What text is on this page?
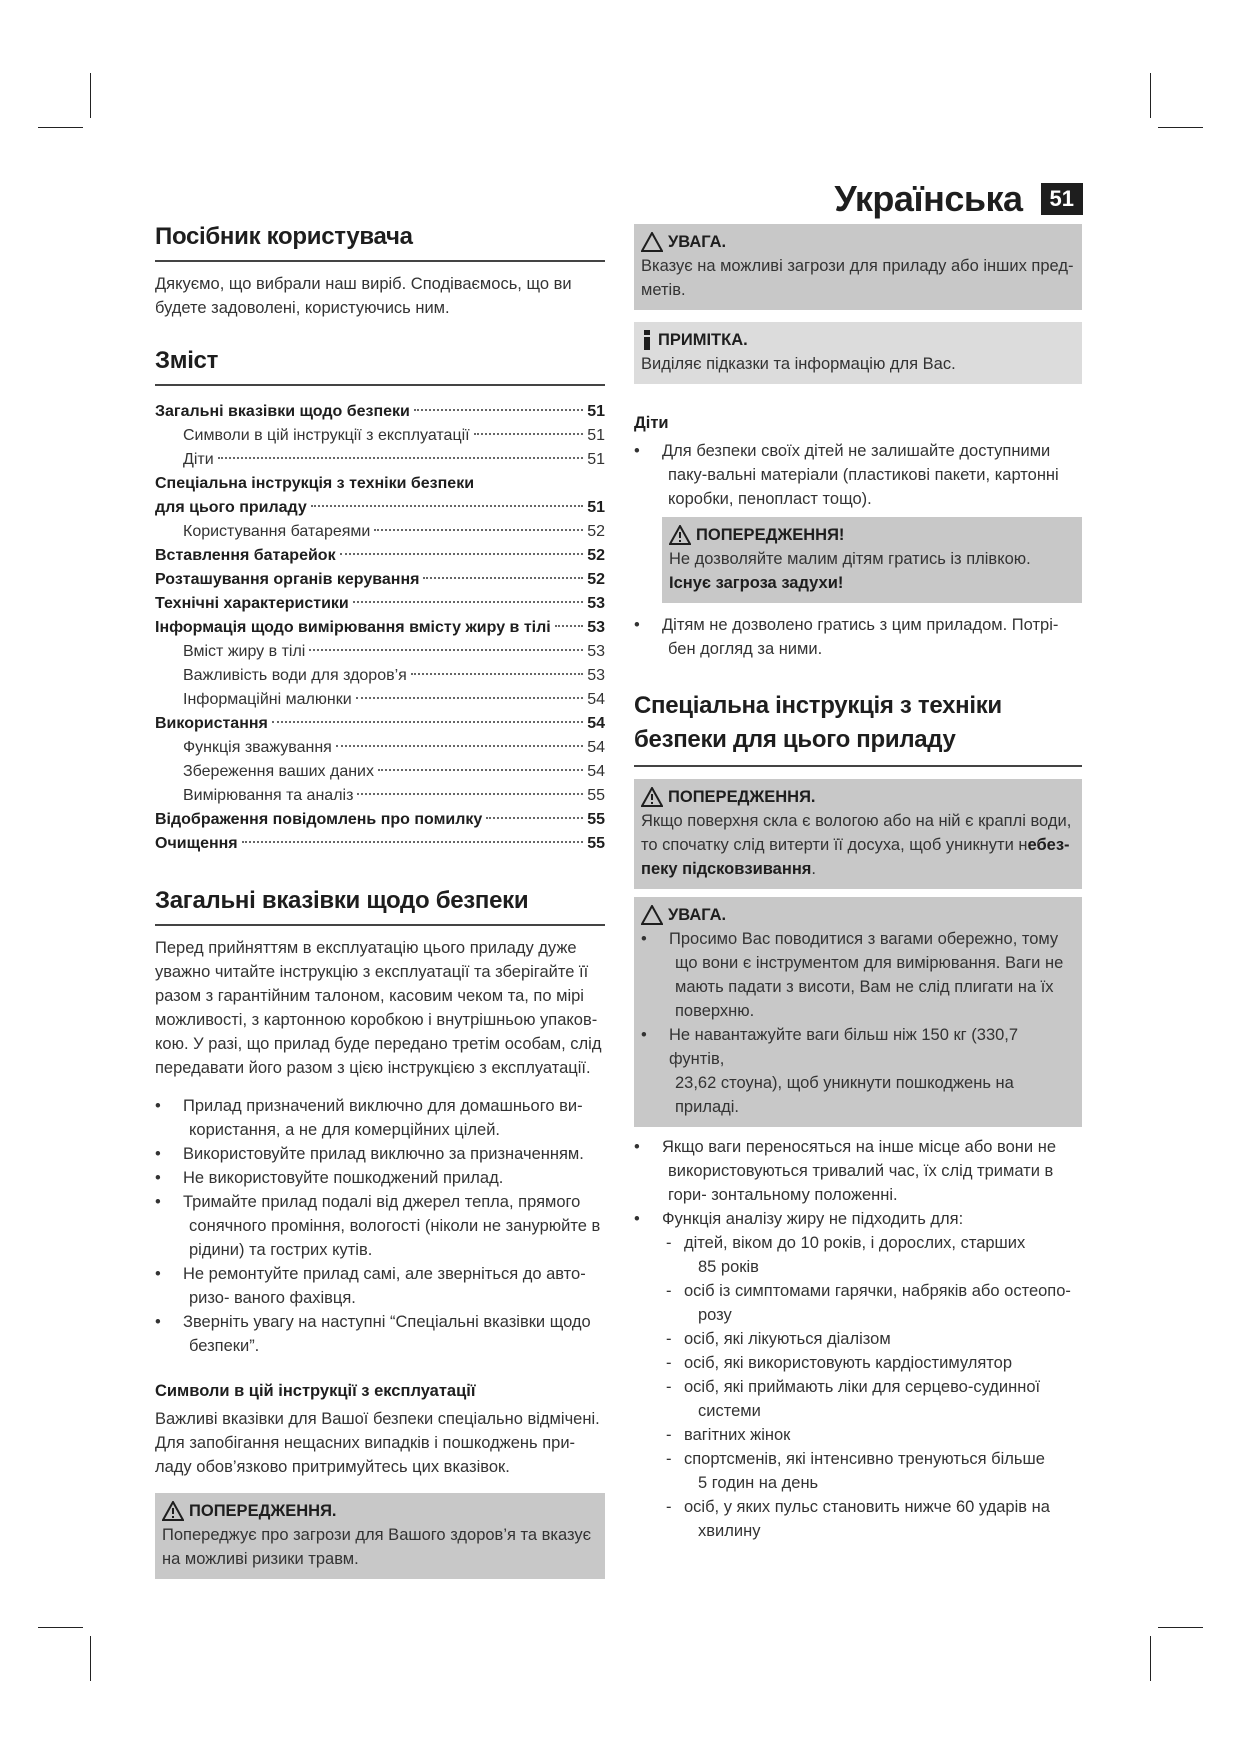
Українська	51
Посібник користувача

Дякуємо, що вибрали наш виріб. Сподіваємось, що ви будете задоволені, користуючись ним.

Зміст
Загальні вказівки щодо безпеки	51
Символи в цій інструкції з експлуатації	51
Діти	51
Спеціальна інструкція з техніки безпеки
для цього приладу	51
Користування батареями	52
Вставлення батарейок	52
Розташування органів керування	52
Технічні характеристики	53
Інформація щодо вимірювання вмісту жиру в тілі 53
Вміст жиру в тілі	53
Важливість води для здоров’я	53
Інформаційні малюнки	54
Використання	54
Функція зважування	54
Збереження ваших даних	54
Вимірювання та аналіз	55
Відображення повідомлень про помилку	55
Очищення	55
Загальні вказівки щодо безпеки

Перед прийняттям в експлуатацію цього приладу дуже уважно читайте інструкцію з експлуатації та зберігайте її разом з гарантійним талоном, касовим чеком та, по мірі можливості, з картонною коробкою і внутрішньою упаков-кою. У разі, що прилад буде передано третім особам, слід передавати його разом з цією інструкцією з експлуатації.

• Прилад призначений виключно для домашнього ви-
користання, а не для комерційних цілей.
• Використовуйте прилад виключно за призначенням.
• Не використовуйте пошкоджений прилад.
• Тримайте прилад подалі від джерел тепла, прямого
сонячного проміння, вологості (ніколи не занурюйте в
рідини) та гострих кутів.
• Не ремонтуйте прилад самі, але зверніться до авто-
ризо- ваного фахівця.
• Зверніть увагу на наступні “Спеціальні вказівки щодо
безпеки”.
Символи в цій інструкції з експлуатації

Важливі вказівки для Вашої безпеки спеціально відмічені. Для запобігання нещасних випадків і пошкоджень при-ладу обов’язково притримуйтесь цих вказівок.

ПОПЕРЕДЖЕННЯ.
Попереджує про загрози для Вашого здоров’я та вказує на можливі ризики травм.
УВАГА.
Вказує на можливі загрози для приладу або інших пред-метів.
ПРИМІТКА.
Виділяє підказки та інформацію для Вас.
Діти
• Для безпеки своїх дітей не залишайте доступними
паку-вальні матеріали (пластикові пакети, картонні
коробки, пенопласт тощо).
ПОПЕРЕДЖЕННЯ!
Не дозволяйте малим дітям гратись із плівкою.
Існує загроза задухи!
• Дітям не дозволено гратись з цим приладом. Потрі-
бен догляд за ними.
Спеціальна інструкція з техніки
безпеки для цього приладу
ПОПЕРЕДЖЕННЯ.
Якщо поверхня скла є вологою або на ній є краплі води, то спочатку слід витерти її досуха, щоб уникнути небез-пеку підсковзивання.
УВАГА.
• Просимо Вас поводитися з вагами обережно, тому
що вони є інструментом для вимірювання. Ваги не
мають падати з висоти, Вам не слід плигати на їх
поверхню.
• Не навантажуйте ваги більш ніж 150 кг (330,7 фунтів,
23,62 стоуна), щоб уникнути пошкоджень на приладі.
• Якщо ваги переносяться на інше місце або вони не
використовуються тривалий час, їх слід тримати в
гори- зонтальному положенні.
• Функція аналізу жиру не підходить для:
- дітей, віком до 10 років, і дорослих, старших
85 років
- осіб із симптомами гарячки, набряків або остеопо-
розу
- осіб, які лікуються діалізом
- осіб, які використовують кардіостимулятор
- осіб, які приймають ліки для серцево-судинної
системи
- вагітних жінок
- спортсменів, які інтенсивно тренуються більше
5 годин на день
- осіб, у яких пульс становить нижче 60 ударів на
хвилину
